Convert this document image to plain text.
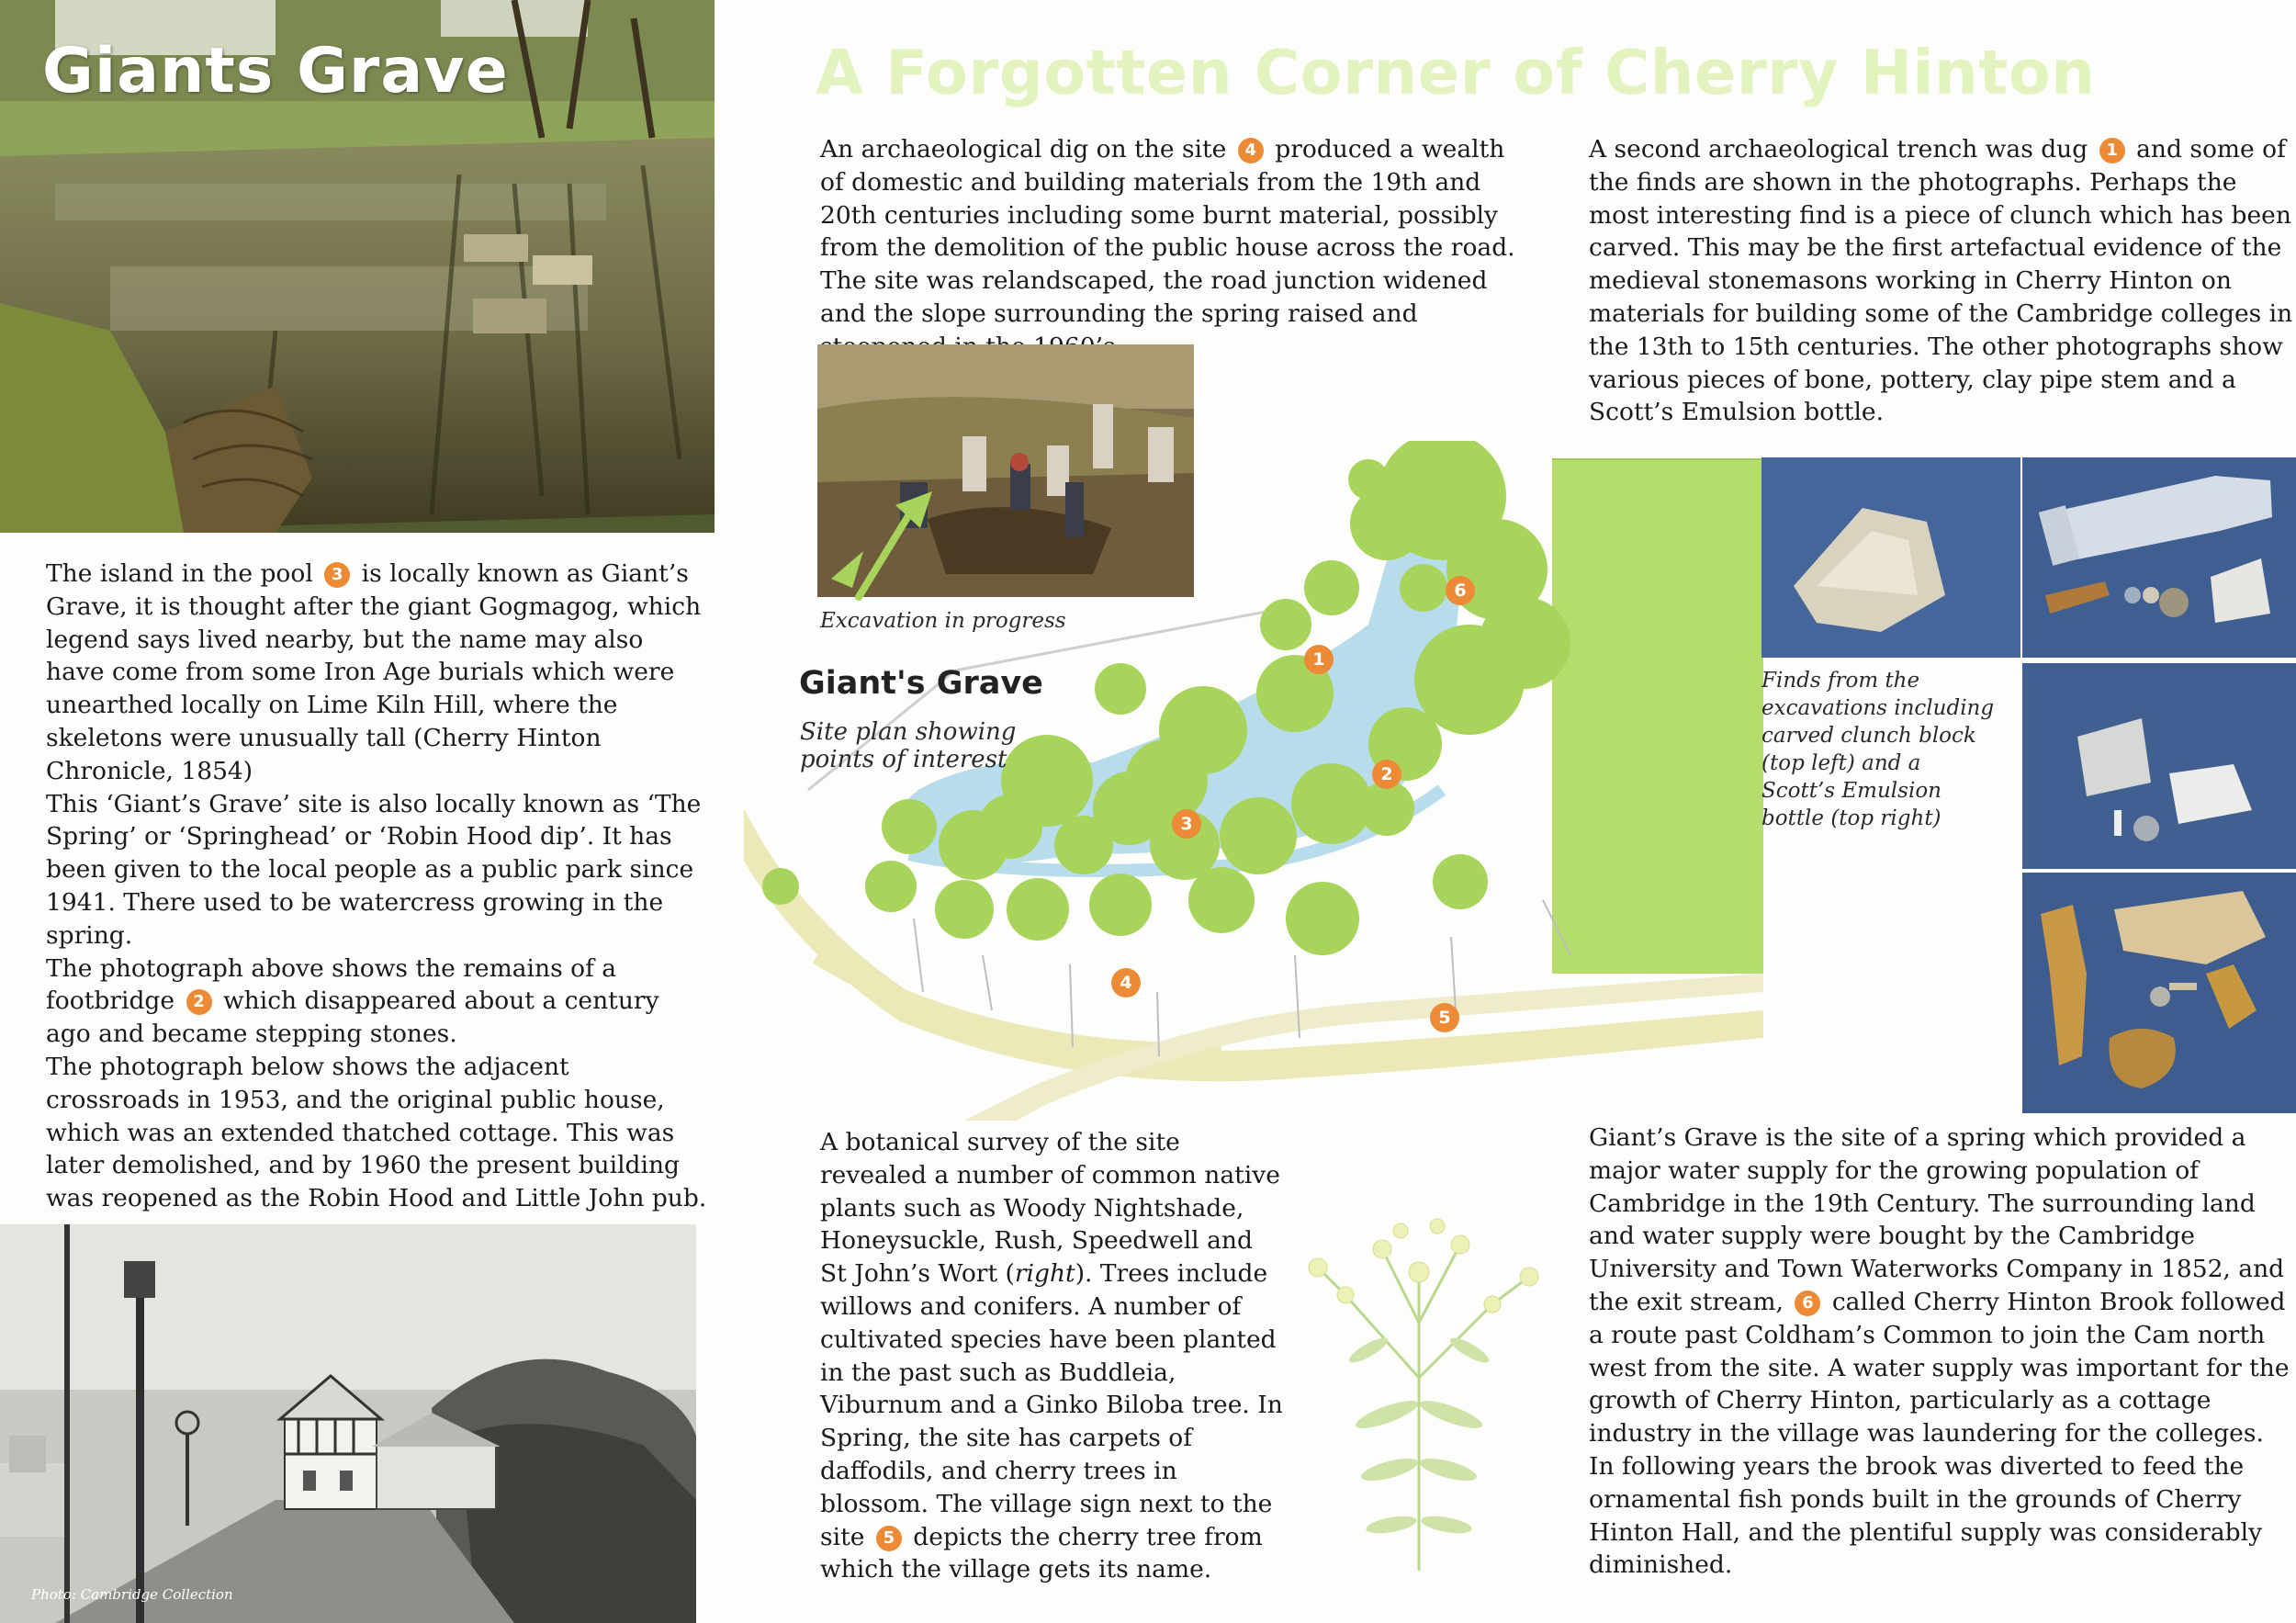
Giants Grave

The island in the pool 3 is locally known as Giant’s Grave, it is thought after the giant Gogmagog, which legend says lived nearby, but the name may also have come from some Iron Age burials which were unearthed locally on Lime Kiln Hill, where the skeletons were unusually tall (Cherry Hinton Chronicle, 1854)

This ‘Giant’s Grave’ site is also locally known as ‘The Spring’ or ‘Springhead’ or ‘Robin Hood dip’. It has been given to the local people as a public park since 1941. There used to be watercress growing in the spring.

The photograph above shows the remains of a footbridge 2 which disappeared about a century ago and became stepping stones.

The photograph below shows the adjacent crossroads in 1953, and the original public house, which was an extended thatched cottage. This was later demolished, and by 1960 the present building was reopened as the Robin Hood and Little John pub.

Photo: Cambridge Collection
A Forgotten Corner of Cherry Hinton
An archaeological dig on the site 4 produced a wealth of domestic and building materials from the 19th and 20th centuries including some burnt material, possibly from the demolition of the public house across the road. The site was relandscaped, the road junction widened and the slope surrounding the spring raised and
Excavation in progress
A second archaeological trench was dug 1 and some of the finds are shown in the photographs. Perhaps the most interesting find is a piece of clunch which has been carved. This may be the first artefactual evidence of the medieval stonemasons working in Cherry Hinton on materials for building some of the Cambridge colleges in the 13th to 15th centuries. The other photographs show various pieces of bone, pottery, clay pipe stem and a Scott’s Emulsion bottle.
1
2
3
4
5
6
Giant's Grave
Site plan showing points of interest
Finds from the excavations including carved clunch block (top left) and a Scott’s Emulsion bottle (top right)
A botanical survey of the site revealed a number of common native plants such as Woody Nightshade, Honeysuckle, Rush, Speedwell and St John’s Wort (right). Trees include willows and conifers. A number of cultivated species have been planted in the past such as Buddleia, Viburnum and a Ginko Biloba tree. In Spring, the site has carpets of daffodils, and cherry trees in blossom. The village sign next to the site 5 depicts the cherry tree from which the village gets its name.
Giant’s Grave is the site of a spring which provided a major water supply for the growing population of Cambridge in the 19th Century. The surrounding land and water supply were bought by the Cambridge University and Town Waterworks Company in 1852, and the exit stream, 6 called Cherry Hinton Brook followed a route past Coldham’s Common to join the Cam north west from the site. A water supply was important for the growth of Cherry Hinton, particularly as a cottage industry in the village was laundering for the colleges. In following years the brook was diverted to feed the ornamental fish ponds built in the grounds of Cherry Hinton Hall, and the plentiful supply was considerably diminished.
